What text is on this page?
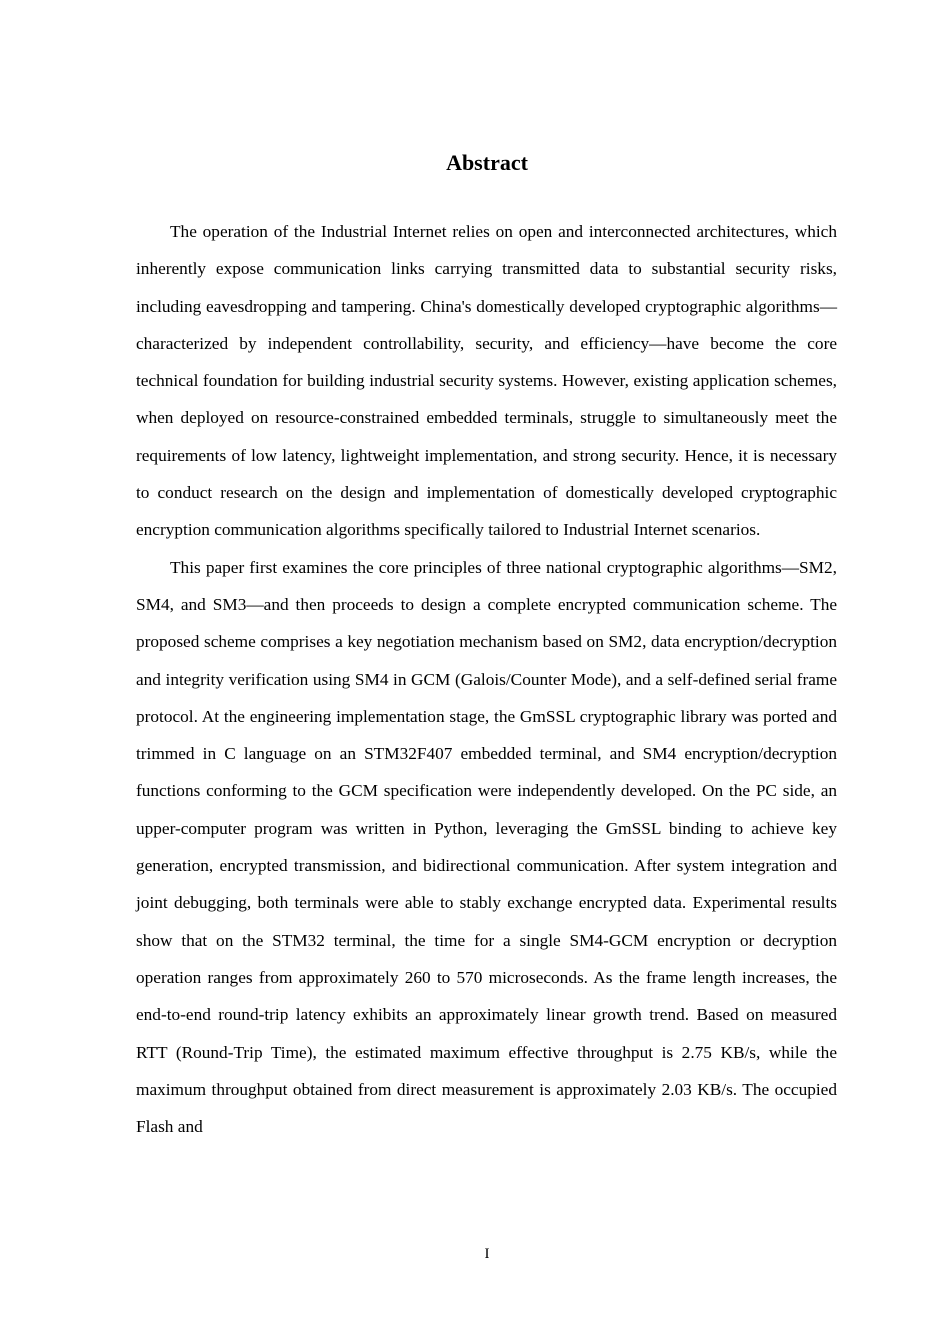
Abstract

The operation of the Industrial Internet relies on open and interconnected architectures, which inherently expose communication links carrying transmitted data to substantial security risks, including eavesdropping and tampering. China's domestically developed cryptographic algorithms—characterized by independent controllability, security, and efficiency—have become the core technical foundation for building industrial security systems. However, existing application schemes, when deployed on resource-constrained embedded terminals, struggle to simultaneously meet the requirements of low latency, lightweight implementation, and strong security. Hence, it is necessary to conduct research on the design and implementation of domestically developed cryptographic encryption communication algorithms specifically tailored to Industrial Internet scenarios.

This paper first examines the core principles of three national cryptographic algorithms—SM2, SM4, and SM3—and then proceeds to design a complete encrypted communication scheme. The proposed scheme comprises a key negotiation mechanism based on SM2, data encryption/decryption and integrity verification using SM4 in GCM (Galois/Counter Mode), and a self-defined serial frame protocol. At the engineering implementation stage, the GmSSL cryptographic library was ported and trimmed in C language on an STM32F407 embedded terminal, and SM4 encryption/decryption functions conforming to the GCM specification were independently developed. On the PC side, an upper-computer program was written in Python, leveraging the GmSSL binding to achieve key generation, encrypted transmission, and bidirectional communication. After system integration and joint debugging, both terminals were able to stably exchange encrypted data. Experimental results show that on the STM32 terminal, the time for a single SM4-GCM encryption or decryption operation ranges from approximately 260 to 570 microseconds. As the frame length increases, the end-to-end round-trip latency exhibits an approximately linear growth trend. Based on measured RTT (Round-Trip Time), the estimated maximum effective throughput is 2.75 KB/s, while the maximum throughput obtained from direct measurement is approximately 2.03 KB/s. The occupied Flash and

I
